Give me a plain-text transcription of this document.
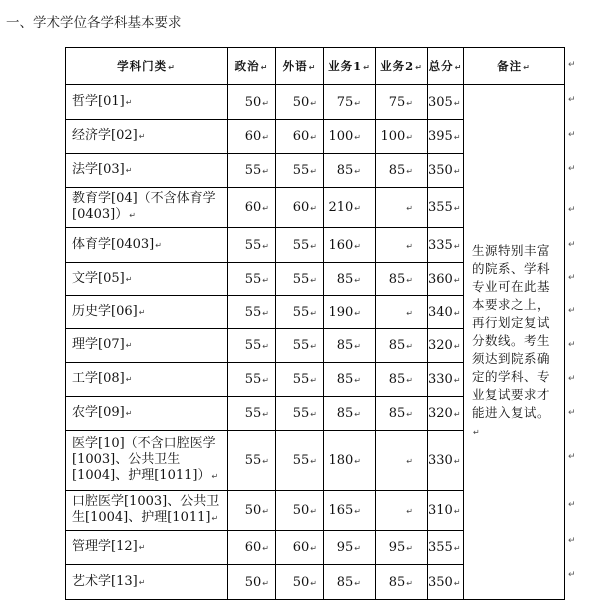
一、学术学位各学科基本要求
学科门类↵	政治↵	外语↵	业务1↵	业务2↵	总分↵	备注↵
哲学[01]↵	50↵	50↵	75↵	75↵	305↵	生源特别丰富的院系、学科专业可在此基本要求之上，再行划定复试分数线。考生须达到院系确定的学科、专业复试要求才能进入复试。↵
经济学[02]↵	60↵	60↵	100↵	100↵	395↵	
法学[03]↵	55↵	55↵	85↵	85↵	350↵	
教育学[04]（不含体育学[0403]）↵	60↵	60↵	210↵	↵	355↵	
体育学[0403]↵	55↵	55↵	160↵	↵	335↵	
文学[05]↵	55↵	55↵	85↵	85↵	360↵	
历史学[06]↵	55↵	55↵	190↵	↵	340↵	
理学[07]↵	55↵	55↵	85↵	85↵	320↵	
工学[08]↵	55↵	55↵	85↵	85↵	330↵	
农学[09]↵	55↵	55↵	85↵	85↵	320↵	
医学[10]（不含口腔医学[1003]、公共卫生[1004]、护理[1011]）↵	55↵	55↵	180↵	↵	330↵	
口腔医学[1003]、公共卫生[1004]、护理[1011]↵	50↵	50↵	165↵	↵	310↵	
管理学[12]↵	60↵	60↵	95↵	95↵	355↵	
艺术学[13]↵	50↵	50↵	85↵	85↵	350↵	
↵
↵
↵
↵
↵
↵
↵
↵
↵
↵
↵
↵
↵
↵
↵
